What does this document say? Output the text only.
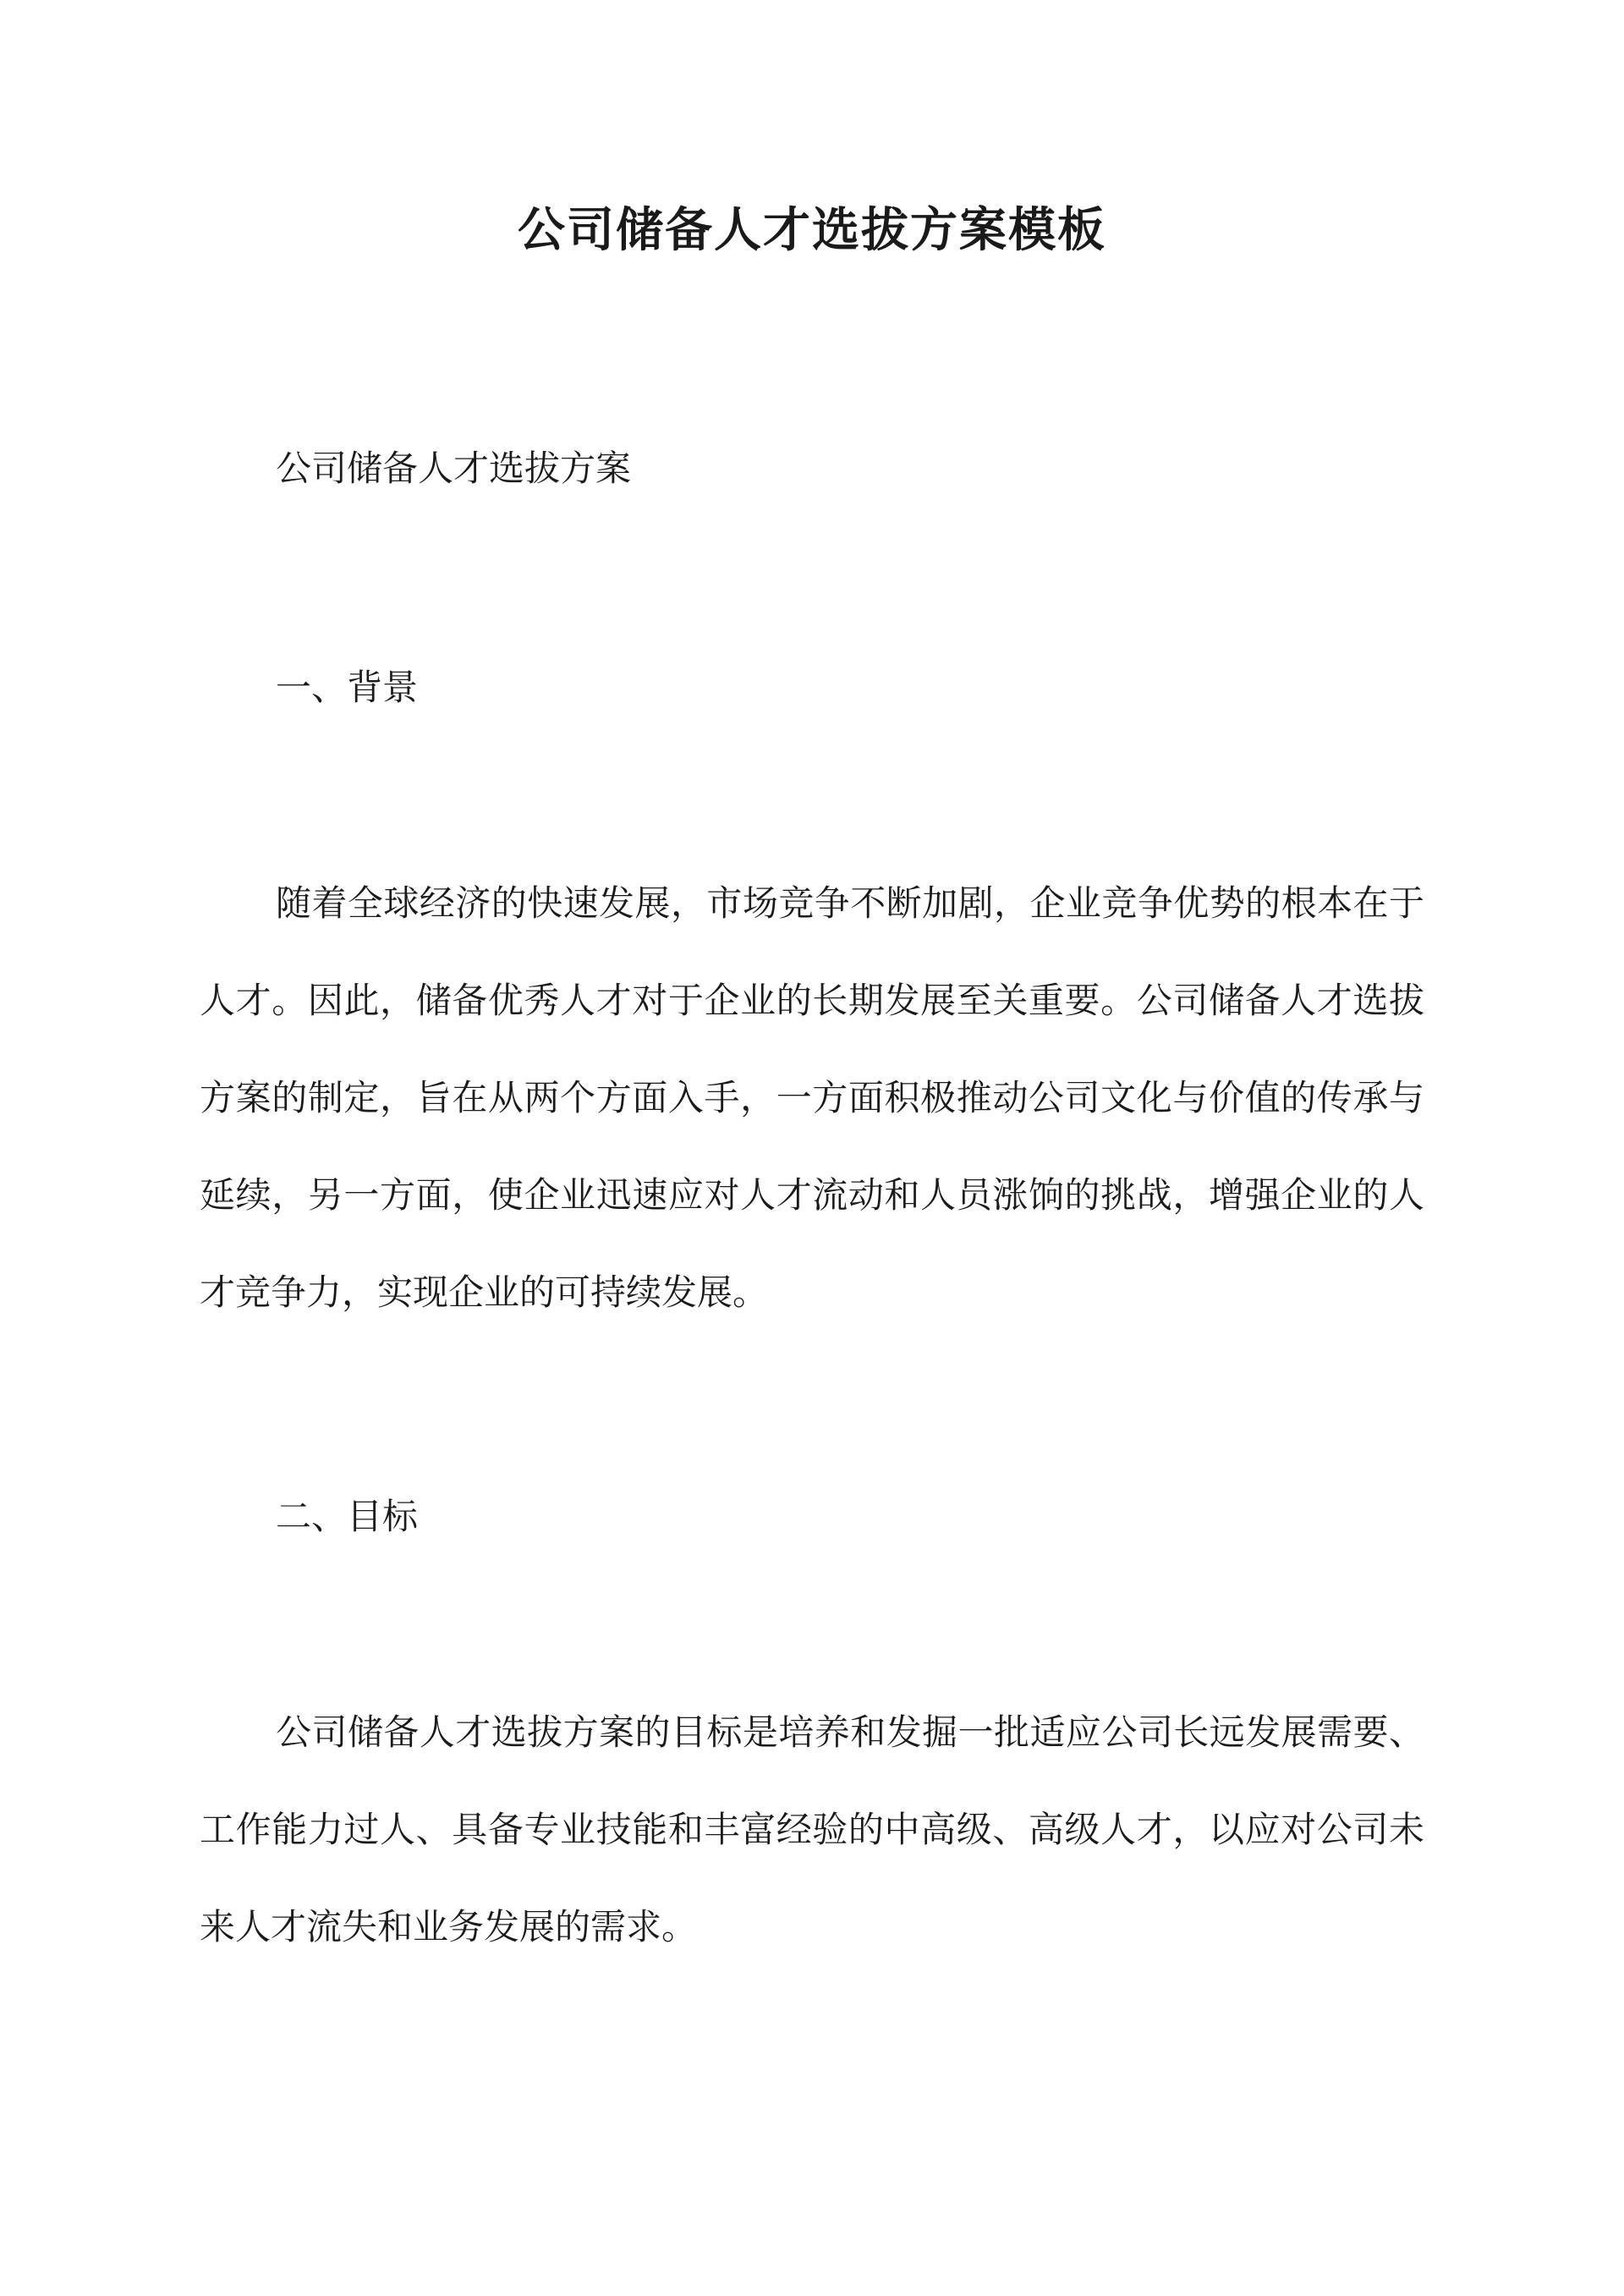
公司储备人才选拔方案模板

公司储备人才选拔方案

一、背景

随着全球经济的快速发展，市场竞争不断加剧，企业竞争优势的根本在于人才。因此，储备优秀人才对于企业的长期发展至关重要。公司储备人才选拔方案的制定，旨在从两个方面入手，一方面积极推动公司文化与价值的传承与延续，另一方面，使企业迅速应对人才流动和人员涨饷的挑战，增强企业的人才竞争力，实现企业的可持续发展。

二、目标

公司储备人才选拔方案的目标是培养和发掘一批适应公司长远发展需要、工作能力过人、具备专业技能和丰富经验的中高级、高级人才，以应对公司未来人才流失和业务发展的需求。
